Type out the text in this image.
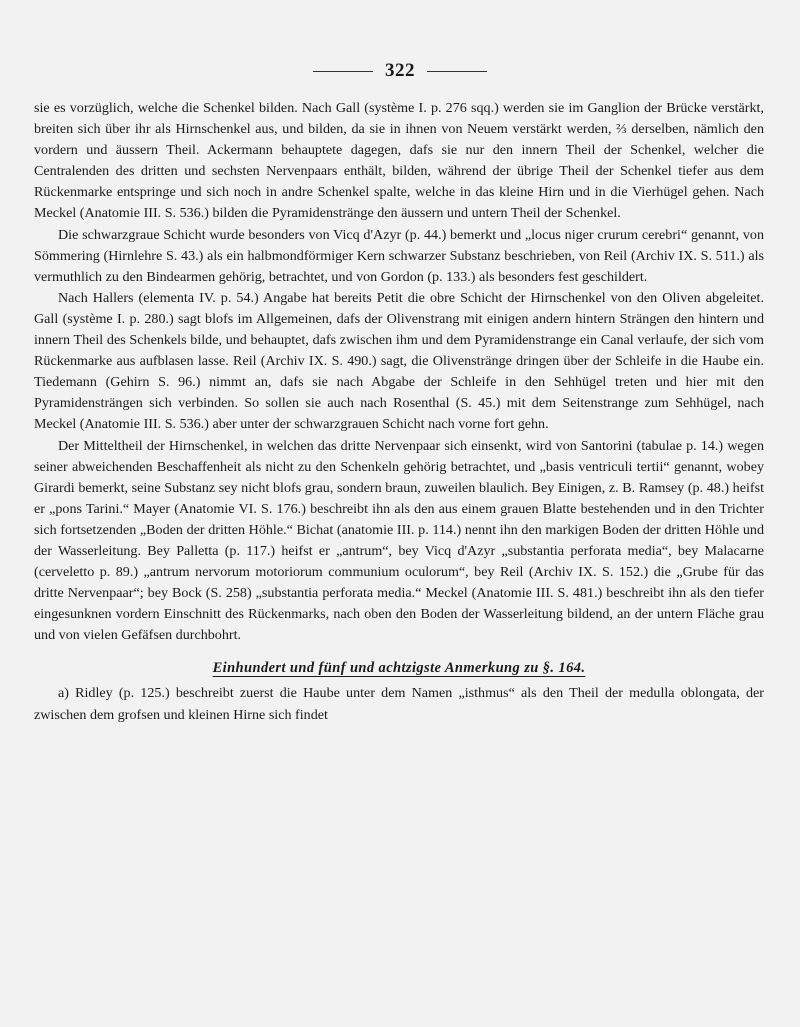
322

sie es vorzüglich, welche die Schenkel bilden. Nach Gall (système I. p. 276 sqq.) werden sie im Ganglion der Brücke verstärkt, breiten sich über ihr als Hirnschenkel aus, und bilden, da sie in ihnen von Neuem verstärkt werden, ⅔ derselben, nämlich den vordern und äussern Theil. Ackermann behauptete dagegen, dafs sie nur den innern Theil der Schenkel, welcher die Centralenden des dritten und sechsten Nervenpaars enthält, bilden, während der übrige Theil der Schenkel tiefer aus dem Rückenmarke entspringe und sich noch in andre Schenkel spalte, welche in das kleine Hirn und in die Vierhügel gehen. Nach Meckel (Anatomie III. S. 536.) bilden die Pyramidenstränge den äussern und untern Theil der Schenkel.

Die schwarzgraue Schicht wurde besonders von Vicq d'Azyr (p. 44.) bemerkt und „locus niger crurum cerebri“ genannt, von Sömmering (Hirnlehre S. 43.) als ein halbmondförmiger Kern schwarzer Substanz beschrieben, von Reil (Archiv IX. S. 511.) als vermuthlich zu den Bindearmen gehörig, betrachtet, und von Gordon (p. 133.) als besonders fest geschildert.

Nach Hallers (elementa IV. p. 54.) Angabe hat bereits Petit die obre Schicht der Hirnschenkel von den Oliven abgeleitet. Gall (système I. p. 280.) sagt blofs im Allgemeinen, dafs der Olivenstrang mit einigen andern hintern Strängen den hintern und innern Theil des Schenkels bilde, und behauptet, dafs zwischen ihm und dem Pyramidenstrange ein Canal verlaufe, der sich vom Rückenmarke aus aufblasen lasse. Reil (Archiv IX. S. 490.) sagt, die Olivenstränge dringen über der Schleife in die Haube ein. Tiedemann (Gehirn S. 96.) nimmt an, dafs sie nach Abgabe der Schleife in den Sehhügel treten und hier mit den Pyramidensträngen sich verbinden. So sollen sie auch nach Rosenthal (S. 45.) mit dem Seitenstrange zum Sehhügel, nach Meckel (Anatomie III. S. 536.) aber unter der schwarzgrauen Schicht nach vorne fort gehn.

Der Mitteltheil der Hirnschenkel, in welchen das dritte Nervenpaar sich einsenkt, wird von Santorini (tabulae p. 14.) wegen seiner abweichenden Beschaffenheit als nicht zu den Schenkeln gehörig betrachtet, und „basis ventriculi tertii“ genannt, wobey Girardi bemerkt, seine Substanz sey nicht blofs grau, sondern braun, zuweilen blaulich. Bey Einigen, z. B. Ramsey (p. 48.) heifst er „pons Tarini.“ Mayer (Anatomie VI. S. 176.) beschreibt ihn als den aus einem grauen Blatte bestehenden und in den Trichter sich fortsetzenden „Boden der dritten Höhle.“ Bichat (anatomie III. p. 114.) nennt ihn den markigen Boden der dritten Höhle und der Wasserleitung. Bey Palletta (p. 117.) heifst er „antrum“, bey Vicq d'Azyr „substantia perforata media“, bey Malacarne (cerveletto p. 89.) „antrum nervorum motoriorum communium oculorum“, bey Reil (Archiv IX. S. 152.) die „Grube für das dritte Nervenpaar“; bey Bock (S. 258) „substantia perforata media.“ Meckel (Anatomie III. S. 481.) beschreibt ihn als den tiefer eingesunknen vordern Einschnitt des Rückenmarks, nach oben den Boden der Wasserleitung bildend, an der untern Fläche grau und von vielen Gefäfsen durchbohrt.

Einhundert und fünf und achtzigste Anmerkung zu §. 164.

a) Ridley (p. 125.) beschreibt zuerst die Haube unter dem Namen „isthmus“ als den Theil der medulla oblongata, der zwischen dem grofsen und kleinen Hirne sich findet
